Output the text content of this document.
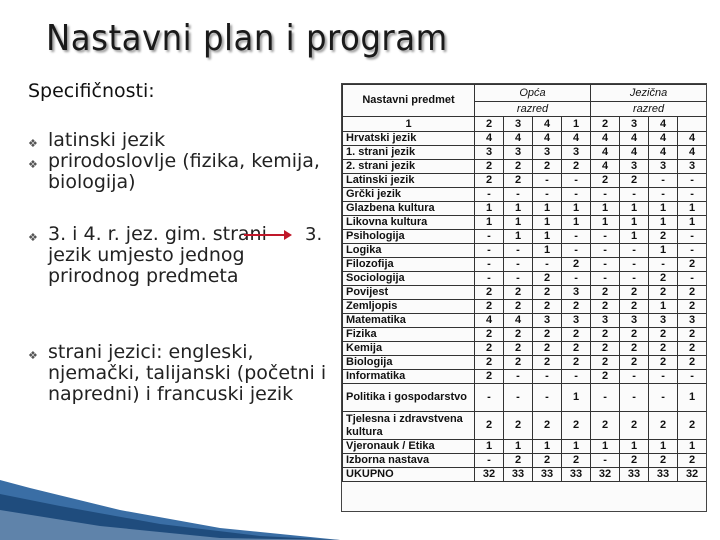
Nastavni plan i program
Specifičnosti:
❖ latinski jezik
❖ prirodoslovlje (fizika, kemija, biologija)
❖ 3. i 4. r. jez. gim. strani jezik umjesto jednog prirodnog predmeta
❖ strani jezici: engleski, njemački, talijanski (početni i napredni) i francuski jezik
3.
Nastavni predmet	Opća				Jezična			
	razred				razred			
1	2	3	4	1	2	3	4	
Hrvatski jezik	4	4	4	4	4	4	4	4
1. strani jezik	3	3	3	3	4	4	4	4
2. strani jezik	2	2	2	2	4	3	3	3
Latinski jezik	2	2	-	-	2	2	-	-
Grčki jezik	-	-	-	-	-	-	-	-
Glazbena kultura	1	1	1	1	1	1	1	1
Likovna kultura	1	1	1	1	1	1	1	1
Psihologija	-	1	1	-	-	1	2	-
Logika	-	-	1	-	-	-	1	-
Filozofija	-	-	-	2	-	-	-	2
Sociologija	-	-	2	-	-	-	2	-
Povijest	2	2	2	3	2	2	2	2
Zemljopis	2	2	2	2	2	2	1	2
Matematika	4	4	3	3	3	3	3	3
Fizika	2	2	2	2	2	2	2	2
Kemija	2	2	2	2	2	2	2	2
Biologija	2	2	2	2	2	2	2	2
Informatika	2	-	-	-	2	-	-	-
Politika i gospodarstvo	-	-	-	1	-	-	-	1
Tjelesna i zdravstvena kultura	2	2	2	2	2	2	2	2
Vjeronauk / Etika	1	1	1	1	1	1	1	1
Izborna nastava	-	2	2	2	-	2	2	2
UKUPNO	32	33	33	33	32	33	33	32
